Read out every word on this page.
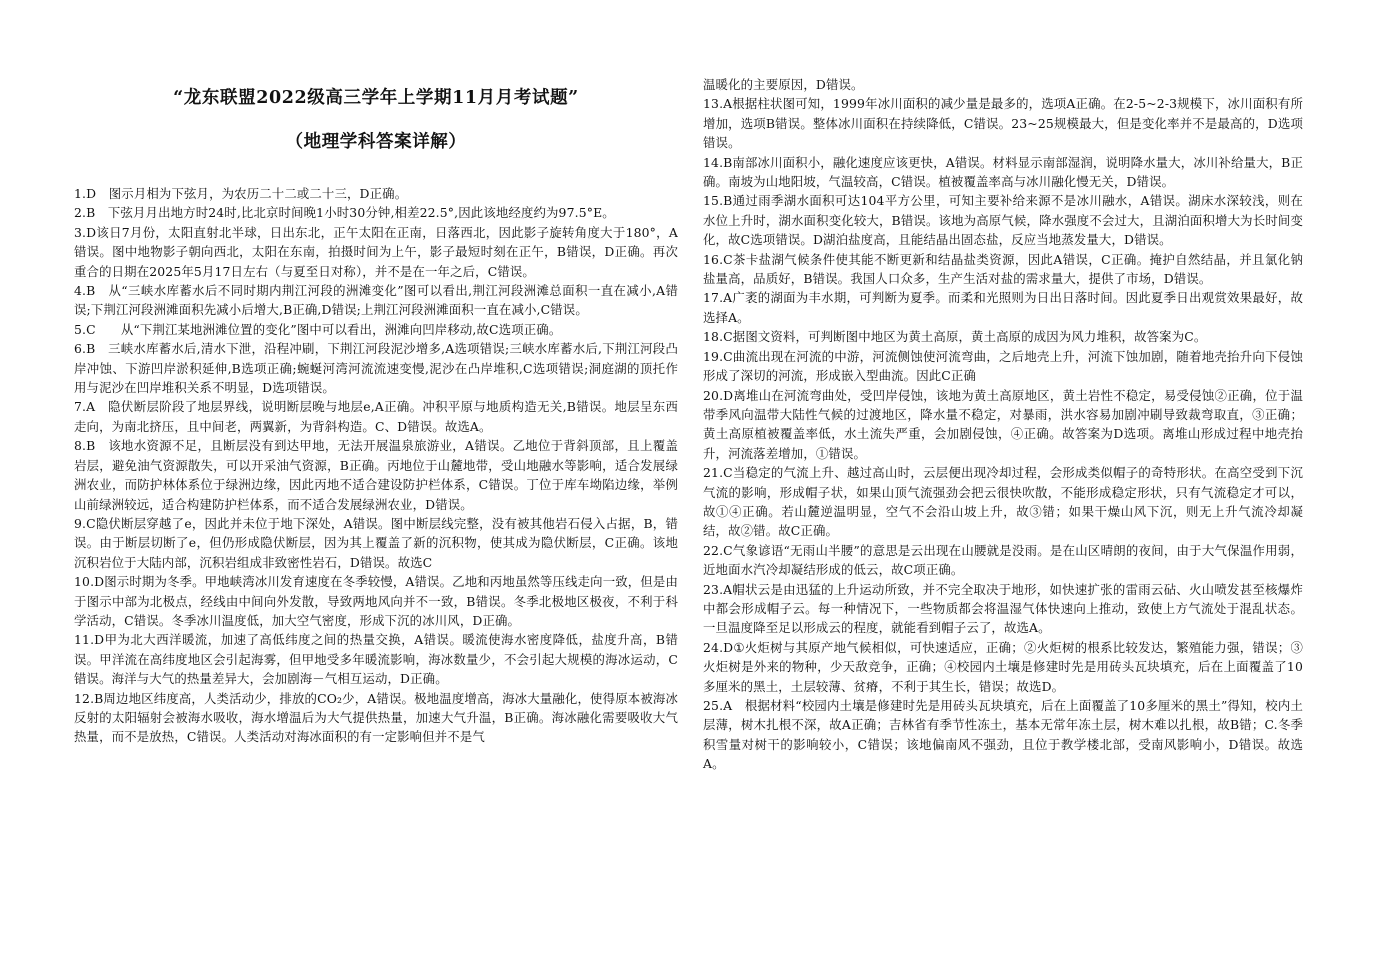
“龙东联盟2022级高三学年上学期11月月考试题”
（地理学科答案详解）

1.D　图示月相为下弦月，为农历二十二或二十三，D正确。

2.B　下弦月月出地方时24时,比北京时间晚1小时30分钟,相差22.5°,因此该地经度约为97.5°E。

3.D该日7月份，太阳直射北半球，日出东北，正午太阳在正南，日落西北，因此影子旋转角度大于180°，A错误。图中地物影子朝向西北，太阳在东南，拍摄时间为上午，影子最短时刻在正午，B错误，D正确。再次重合的日期在2025年5月17日左右（与夏至日对称），并不是在一年之后，C错误。

4.B　从“三峡水库蓄水后不同时期内荆江河段的洲滩变化”图可以看出,荆江河段洲滩总面积一直在减小,A错误;下荆江河段洲滩面积先减小后增大,B正确,D错误;上荆江河段洲滩面积一直在减小,C错误。

5.C　　从“下荆江某地洲滩位置的变化”图中可以看出，洲滩向凹岸移动,故C选项正确。

6.B　三峡水库蓄水后,清水下泄，沿程冲刷，下荆江河段泥沙增多,A选项错误;三峡水库蓄水后,下荆江河段凸岸冲蚀、下游凹岸淤积延伸,B选项正确;蜿蜒河湾河流流速变慢,泥沙在凸岸堆积,C选项错误;洞庭湖的顶托作用与泥沙在凹岸堆积关系不明显，D选项错误。

7.A　隐伏断层阶段了地层界线，说明断层晚与地层e,A正确。冲积平原与地质构造无关,B错误。地层呈东西走向，为南北挤压，且中间老，两翼新，为背斜构造。C、D错误。故选A。

8.B　该地水资源不足，且断层没有到达甲地，无法开展温泉旅游业，A错误。乙地位于背斜顶部，且上覆盖岩层，避免油气资源散失，可以开采油气资源，B正确。丙地位于山麓地带，受山地融水等影响，适合发展绿洲农业，而防护林体系位于绿洲边缘，因此丙地不适合建设防护栏体系，C错误。丁位于库车坳陷边缘，举例山前绿洲较远，适合构建防护栏体系，而不适合发展绿洲农业，D错误。

9.C隐伏断层穿越了e，因此并未位于地下深处，A错误。图中断层线完整，没有被其他岩石侵入占据，B，错误。由于断层切断了e，但仍形成隐伏断层，因为其上覆盖了新的沉积物，使其成为隐伏断层，C正确。该地沉积岩位于大陆内部，沉积岩组成非致密性岩石，D错误。故选C

10.D图示时期为冬季。甲地峡湾冰川发育速度在冬季较慢，A错误。乙地和丙地虽然等压线走向一致，但是由于图示中部为北极点，经线由中间向外发散，导致两地风向并不一致，B错误。冬季北极地区极夜，不利于科学活动，C错误。冬季冰川温度低，加大空气密度，形成下沉的冰川风，D正确。

11.D甲为北大西洋暖流，加速了高低纬度之间的热量交换，A错误。暖流使海水密度降低，盐度升高，B错误。甲洋流在高纬度地区会引起海雾，但甲地受多年暖流影响，海冰数量少，不会引起大规模的海冰运动，C错误。海洋与大气的热量差异大，会加剧海－气相互运动，D正确。

12.B周边地区纬度高，人类活动少，排放的CO₂少，A错误。极地温度增高，海冰大量融化，使得原本被海冰反射的太阳辐射会被海水吸收，海水增温后为大气提供热量，加速大气升温，B正确。海冰融化需要吸收大气热量，而不是放热，C错误。人类活动对海冰面积的有一定影响但并不是气

温暖化的主要原因，D错误。

13.A根据柱状图可知，1999年冰川面积的减少量是最多的，选项A正确。在2-5~2-3规模下，冰川面积有所增加，选项B错误。整体冰川面积在持续降低，C错误。23~25规模最大，但是变化率并不是最高的，D选项错误。

14.B南部冰川面积小，融化速度应该更快，A错误。材料显示南部湿润，说明降水量大，冰川补给量大，B正确。南坡为山地阳坡，气温较高，C错误。植被覆盖率高与冰川融化慢无关，D错误。

15.B通过雨季湖水面积可达104平方公里，可知主要补给来源不是冰川融水，A错误。湖床水深较浅，则在水位上升时，湖水面积变化较大，B错误。该地为高原气候，降水强度不会过大，且湖泊面积增大为长时间变化，故C选项错误。D湖泊盐度高，且能结晶出固态盐，反应当地蒸发量大，D错误。

16.C茶卡盐湖气候条件使其能不断更新和结晶盐类资源，因此A错误，C正确。掩护自然结晶，并且氯化钠盐量高，品质好，B错误。我国人口众多，生产生活对盐的需求量大，提供了市场，D错误。

17.A广袤的湖面为丰水期，可判断为夏季。而柔和光照则为日出日落时间。因此夏季日出观赏效果最好，故选择A。

18.C据图文资料，可判断图中地区为黄土高原，黄土高原的成因为风力堆积，故答案为C。

19.C曲流出现在河流的中游，河流侧蚀使河流弯曲，之后地壳上升，河流下蚀加剧，随着地壳抬升向下侵蚀形成了深切的河流，形成嵌入型曲流。因此C正确

20.D离堆山在河流弯曲处，受凹岸侵蚀，该地为黄土高原地区，黄土岩性不稳定，易受侵蚀②正确，位于温带季风向温带大陆性气候的过渡地区，降水量不稳定，对暴雨，洪水容易加剧冲刷导致裁弯取直，③正确；黄土高原植被覆盖率低，水土流失严重，会加剧侵蚀，④正确。故答案为D选项。离堆山形成过程中地壳抬升，河流落差增加，①错误。

21.C当稳定的气流上升、越过高山时，云层便出现冷却过程，会形成类似帽子的奇特形状。在高空受到下沉气流的影响，形成帽子状，如果山顶气流强劲会把云很快吹散，不能形成稳定形状，只有气流稳定才可以，故①④正确。若山麓逆温明显，空气不会沿山坡上升，故③错；如果干燥山风下沉，则无上升气流冷却凝结，故②错。故C正确。

22.C气象谚语“无雨山半腰”的意思是云出现在山腰就是没雨。是在山区晴朗的夜间，由于大气保温作用弱，近地面水汽冷却凝结形成的低云，故C项正确。

23.A帽状云是由迅猛的上升运动所致，并不完全取决于地形，如快速扩张的雷雨云砧、火山喷发甚至核爆炸中都会形成帽子云。每一种情况下，一些物质都会将温湿气体快速向上推动，致使上方气流处于混乱状态。一旦温度降至足以形成云的程度，就能看到帽子云了，故选A。

24.D①火炬树与其原产地气候相似，可快速适应，正确；②火炬树的根系比较发达，繁殖能力强，错误；③火炬树是外来的物种，少天敌竞争，正确；④校园内土壤是修建时先是用砖头瓦块填充，后在上面覆盖了10多厘米的黑土，土层较薄、贫瘠，不利于其生长，错误；故选D。

25.A　根据材料“校园内土壤是修建时先是用砖头瓦块填充，后在上面覆盖了10多厘米的黑土”得知，校内土层薄，树木扎根不深，故A正确；吉林省有季节性冻土，基本无常年冻土层，树木难以扎根，故B错；C.冬季积雪量对树干的影响较小，C错误；该地偏南风不强劲，且位于教学楼北部，受南风影响小，D错误。故选A。
